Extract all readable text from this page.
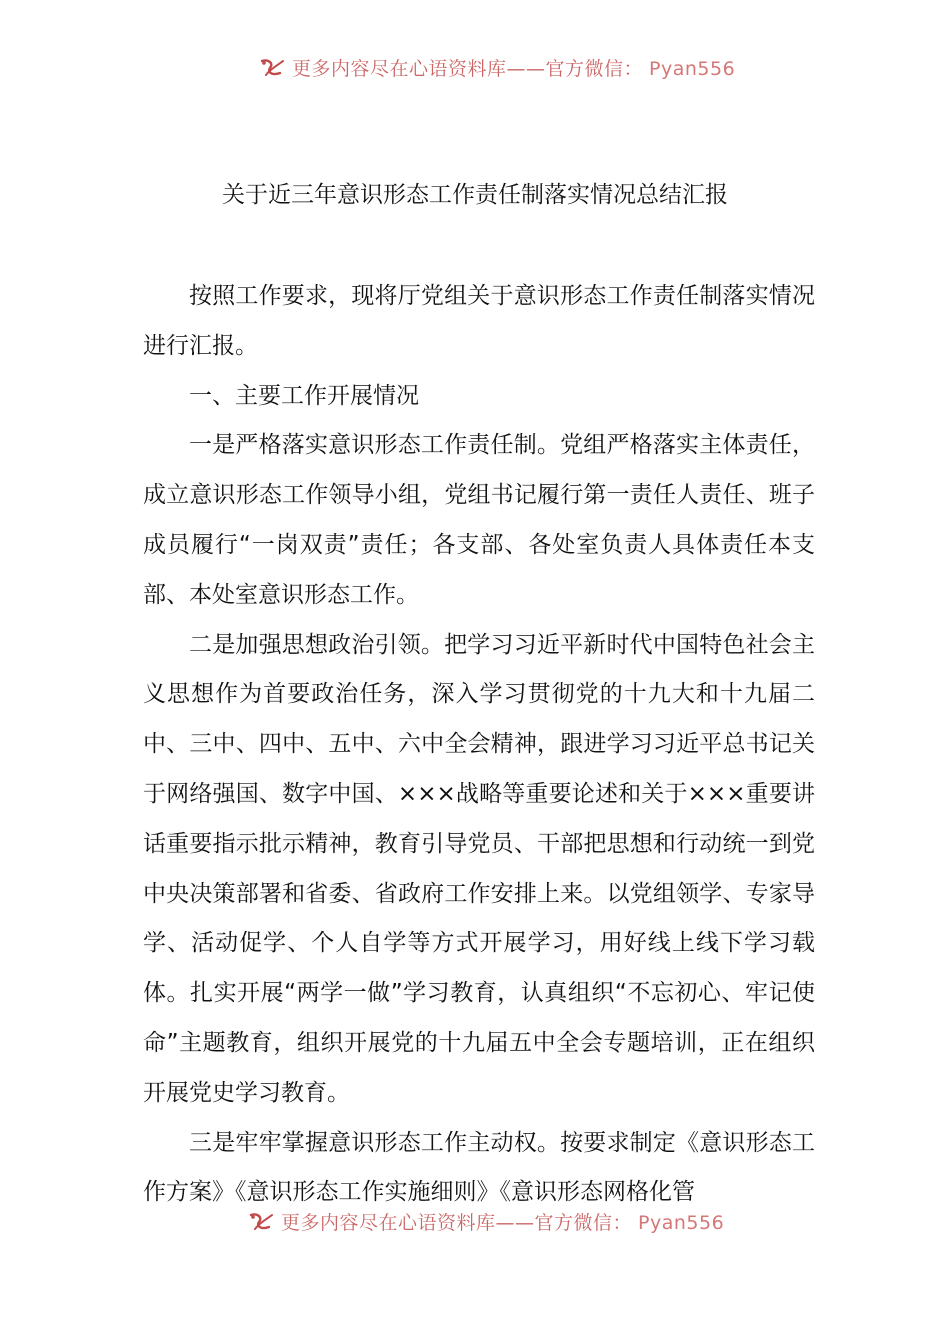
更多内容尽在心语资料库——官方微信： Pyan556
关于近三年意识形态工作责任制落实情况总结汇报

按照工作要求，现将厅党组关于意识形态工作责任制落实情况进行汇报。

一、主要工作开展情况

一是严格落实意识形态工作责任制。党组严格落实主体责任，成立意识形态工作领导小组，党组书记履行第一责任人责任、班子成员履行“一岗双责”责任；各支部、各处室负责人具体责任本支部、本处室意识形态工作。

二是加强思想政治引领。把学习习近平新时代中国特色社会主义思想作为首要政治任务，深入学习贯彻党的十九大和十九届二中、三中、四中、五中、六中全会精神，跟进学习习近平总书记关于网络强国、数字中国、×××战略等重要论述和关于×××重要讲话重要指示批示精神，教育引导党员、干部把思想和行动统一到党中央决策部署和省委、省政府工作安排上来。以党组领学、专家导学、活动促学、个人自学等方式开展学习，用好线上线下学习载体。扎实开展“两学一做”学习教育，认真组织“不忘初心、牢记使命”主题教育，组织开展党的十九届五中全会专题培训，正在组织开展党史学习教育。

三是牢牢掌握意识形态工作主动权。按要求制定《意识形态工作方案》《意识形态工作实施细则》《意识形态网格化管

更多内容尽在心语资料库——官方微信： Pyan556
